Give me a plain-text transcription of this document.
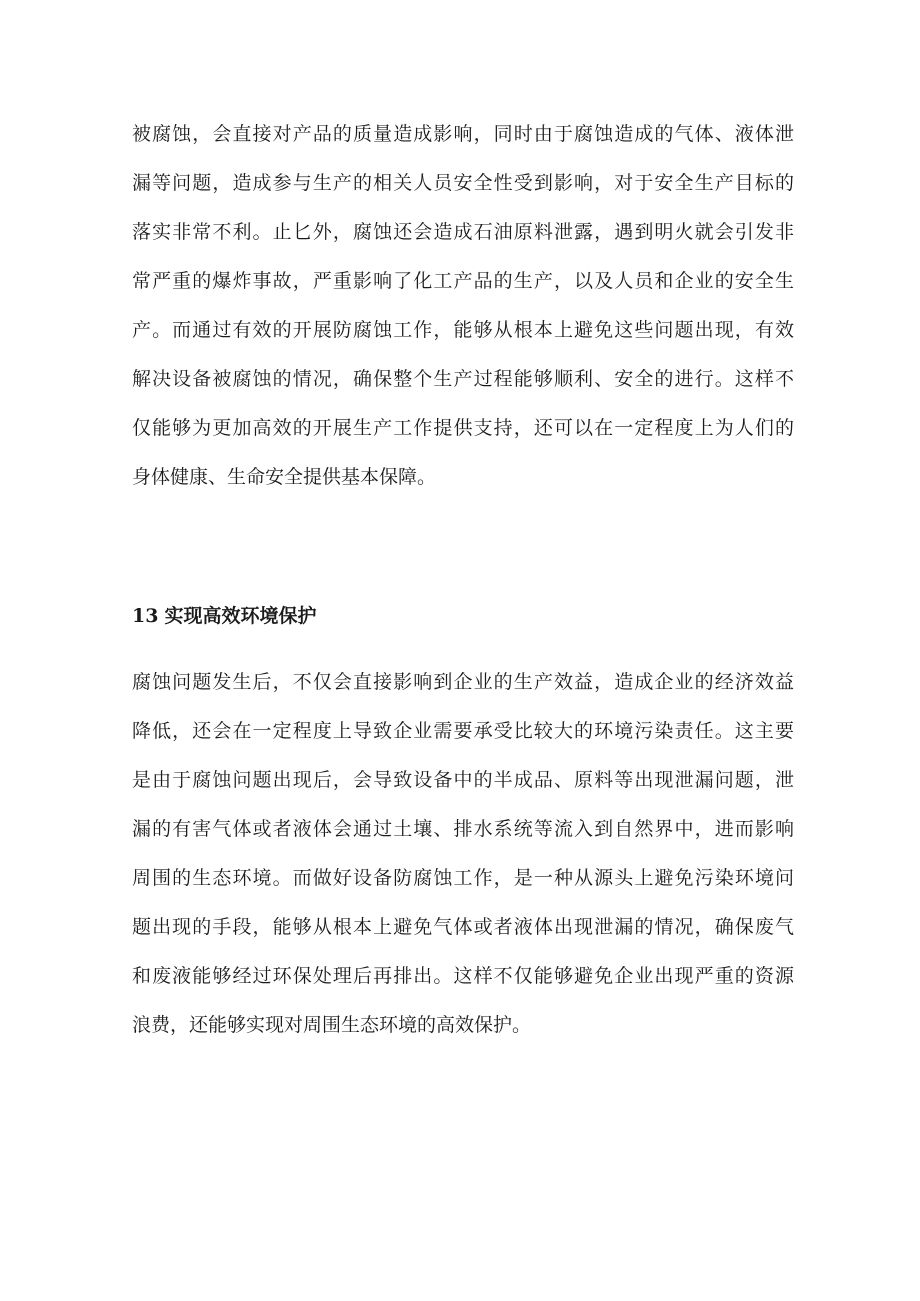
被腐蚀，会直接对产品的质量造成影响，同时由于腐蚀造成的气体、液体泄
漏等问题，造成参与生产的相关人员安全性受到影响，对于安全生产目标的
落实非常不利。止匕外，腐蚀还会造成石油原料泄露，遇到明火就会引发非
常严重的爆炸事故，严重影响了化工产品的生产，以及人员和企业的安全生
产。而通过有效的开展防腐蚀工作，能够从根本上避免这些问题出现，有效
解决设备被腐蚀的情况，确保整个生产过程能够顺利、安全的进行。这样不
仅能够为更加高效的开展生产工作提供支持，还可以在一定程度上为人们的
身体健康、生命安全提供基本保障。
13 实现高效环境保护
腐蚀问题发生后，不仅会直接影响到企业的生产效益，造成企业的经济效益
降低，还会在一定程度上导致企业需要承受比较大的环境污染责任。这主要
是由于腐蚀问题出现后，会导致设备中的半成品、原料等出现泄漏问题，泄
漏的有害气体或者液体会通过土壤、排水系统等流入到自然界中，进而影响
周围的生态环境。而做好设备防腐蚀工作，是一种从源头上避免污染环境问
题出现的手段，能够从根本上避免气体或者液体出现泄漏的情况，确保废气
和废液能够经过环保处理后再排出。这样不仅能够避免企业出现严重的资源
浪费，还能够实现对周围生态环境的高效保护。
